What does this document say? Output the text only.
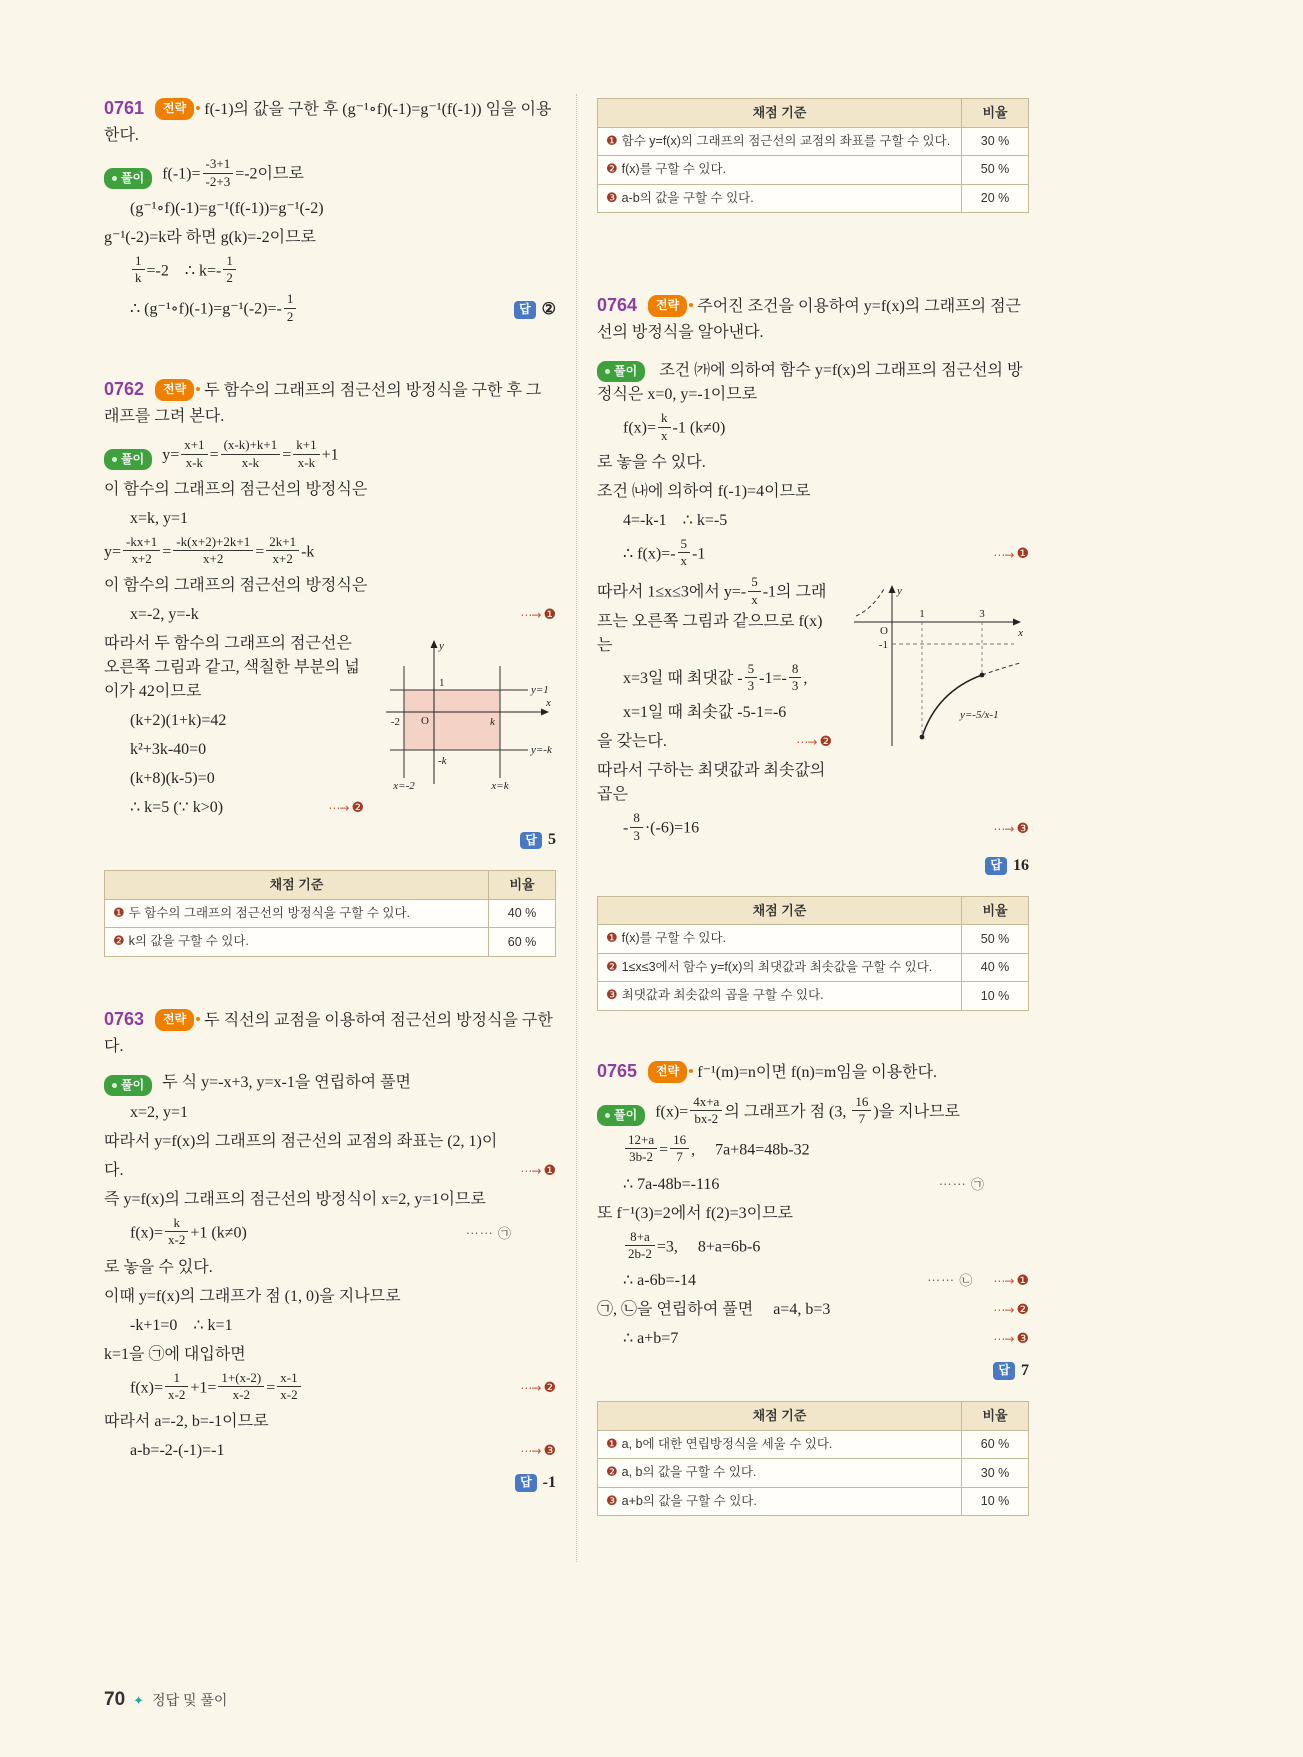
0761 전략 f(-1)의 값을 구한 후 (g⁻¹∘f)(-1)=g⁻¹(f(-1)) 임을 이용한다.

풀이	$f(-1)= \frac{-3+1}{-2+3} =-2$이므로
(g⁻¹∘f)(-1)=g⁻¹(f(-1))=g⁻¹(-2)
g⁻¹(-2)=k라 하면 g(k)=-2이므로
$\frac{1}{k} =-2$ ∴ $k=- \frac{1}{2}$
∴ (g⁻¹∘f)(-1)=g⁻¹(-2)=- $\frac{1}{2}$	답 ②

0762 전략 두 함수의 그래프의 점근선의 방정식을 구한 후 그래프를 그려 본다.

풀이	$y= \frac{x+1}{x-k} = \frac{(x-k)+k+1}{x-k} = \frac{k+1}{x-k} +1$
이 함수의 그래프의 점근선의 방정식은
x=k, y=1
$y= \frac{-kx+1}{x+2} = \frac{-k(x+2)+2k+1}{x+2} = \frac{2k+1}{x+2} -k$
이 함수의 그래프의 점근선의 방정식은
x=-2, y=-k	⋯→ ❶
y
x
O
1
k
-2
-k
y=1
y=-k
x=-2	x=k

따라서 두 함수의 그래프의 점근선은 오른쪽 그림과 같고, 색칠한 부분의 넓이가 42이므로

(k+2)(1+k)=42
k²+3k-40=0
(k+8)(k-5)=0
∴ k=5 (∵ k>0)	⋯→ ❷
답 5
채점 기준	비율
❶ 두 함수의 그래프의 점근선의 방정식을 구할 수 있다.	40 %
❷ k의 값을 구할 수 있다.	60 %

0763 전략 두 직선의 교점을 이용하여 점근선의 방정식을 구한다.

풀이	두 식 y=-x+3, y=x-1을 연립하여 풀면
x=2, y=1
따라서 y=f(x)의 그래프의 점근선의 교점의 좌표는 (2, 1)이
다.	⋯→ ❶
즉 y=f(x)의 그래프의 점근선의 방정식이 x=2, y=1이므로
$f(x)= \frac{k}{x-2} +1$ (k≠0)	⋯⋯ ㉠
로 놓을 수 있다.
이때 y=f(x)의 그래프가 점 (1, 0)을 지나므로
-k+1=0 ∴ k=1
k=1을 ㉠에 대입하면
$f(x)= \frac{1}{x-2} +1= \frac{1+(x-2)}{x-2} = \frac{x-1}{x-2}$	⋯→ ❷
따라서 a=-2, b=-1이므로
a-b=-2-(-1)=-1	⋯→ ❸
답 -1
채점 기준	비율
❶ 함수 y=f(x)의 그래프의 점근선의 교점의 좌표를 구할 수 있다.	30 %
❷ f(x)를 구할 수 있다.	50 %
❸ a-b의 값을 구할 수 있다.	20 %

0764 전략 주어진 조건을 이용하여 y=f(x)의 그래프의 점근선의 방정식을 알아낸다.

풀이 조건 ㈎에 의하여 함수 y=f(x)의 그래프의 점근선의 방정식은 x=0, y=-1이므로
$f(x)= \frac{k}{x} -1$ (k≠0)
로 놓을 수 있다.
조건 ㈏에 의하여 f(-1)=4이므로
4=-k-1 ∴ k=-5
∴ $f(x)=- \frac{5}{x} -1$	⋯→ ❶
y
x
O
1	3
-1
y=-5/x-1

따라서 1≤x≤3에서 $y=- \frac{5}{x} -1$의 그래프는 오른쪽 그림과 같으므로 f(x)는

x=3일 때 최댓값 - $\frac{5}{3} -1=- \frac{8}{3}$ ,
x=1일 때 최솟값 -5-1=-6
을 갖는다.	⋯→ ❷
따라서 구하는 최댓값과 최솟값의 곱은
- $\frac{8}{3} \cdot(-6)=16$	⋯→ ❸
답 16
채점 기준	비율
❶ f(x)를 구할 수 있다.	50 %
❷ 1≤x≤3에서 함수 y=f(x)의 최댓값과 최솟값을 구할 수 있다.	40 %
❸ 최댓값과 최솟값의 곱을 구할 수 있다.	10 %

0765 전략 f⁻¹(m)=n이면 f(n)=m임을 이용한다.

풀이	$f(x)= \frac{4x+a}{bx-2}$ 의 그래프가 점 (3, $\frac{16}{7}$ )을 지나므로
$\frac{12+a}{3b-2} = \frac{16}{7}$ ,  7a+84=48b-32
∴ 7a-48b=-116	⋯⋯ ㉠
또 f⁻¹(3)=2에서 f(2)=3이므로
$\frac{8+a}{2b-2} =3$,  8+a=6b-6
∴ a-6b=-14	⋯⋯ ㉡ ⋯→ ❶
㉠, ㉡을 연립하여 풀면  a=4, b=3	⋯→ ❷
∴ a+b=7	⋯→ ❸
답 7
채점 기준	비율
❶ a, b에 대한 연립방정식을 세울 수 있다.	60 %
❷ a, b의 값을 구할 수 있다.	30 %
❸ a+b의 값을 구할 수 있다.	10 %
70 ✦ 정답 및 풀이
